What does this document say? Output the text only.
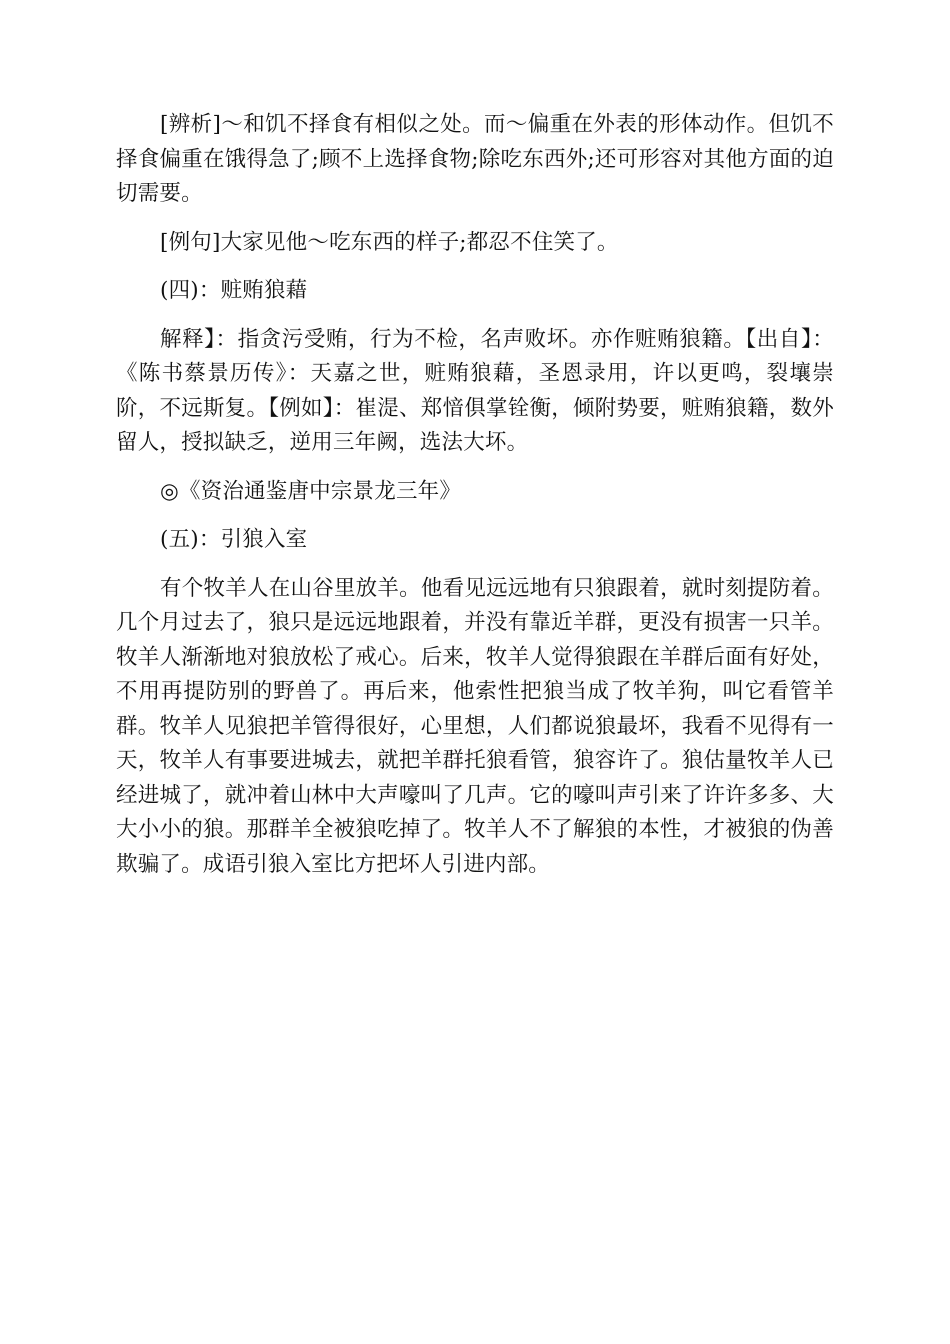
[辨析]～和饥不择食有相似之处。而～偏重在外表的形体动作。但饥不择食偏重在饿得急了;顾不上选择食物;除吃东西外;还可形容对其他方面的迫切需要。

[例句]大家见他～吃东西的样子;都忍不住笑了。

(四)：赃贿狼藉

解释】：指贪污受贿，行为不检，名声败坏。亦作赃贿狼籍。【出自】：《陈书蔡景历传》：天嘉之世，赃贿狼藉，圣恩录用，许以更鸣，裂壤崇阶，不远斯复。【例如】：崔湜、郑愔俱掌铨衡，倾附势要，赃贿狼籍，数外留人，授拟缺乏，逆用三年阙，选法大坏。

◎《资治通鉴唐中宗景龙三年》

(五)：引狼入室

有个牧羊人在山谷里放羊。他看见远远地有只狼跟着，就时刻提防着。几个月过去了，狼只是远远地跟着，并没有靠近羊群，更没有损害一只羊。牧羊人渐渐地对狼放松了戒心。后来，牧羊人觉得狼跟在羊群后面有好处，不用再提防别的野兽了。再后来，他索性把狼当成了牧羊狗，叫它看管羊群。牧羊人见狼把羊管得很好，心里想，人们都说狼最坏，我看不见得有一天，牧羊人有事要进城去，就把羊群托狼看管，狼容许了。狼估量牧羊人已经进城了，就冲着山林中大声嚎叫了几声。它的嚎叫声引来了许许多多、大大小小的狼。那群羊全被狼吃掉了。牧羊人不了解狼的本性，才被狼的伪善欺骗了。成语引狼入室比方把坏人引进内部。
